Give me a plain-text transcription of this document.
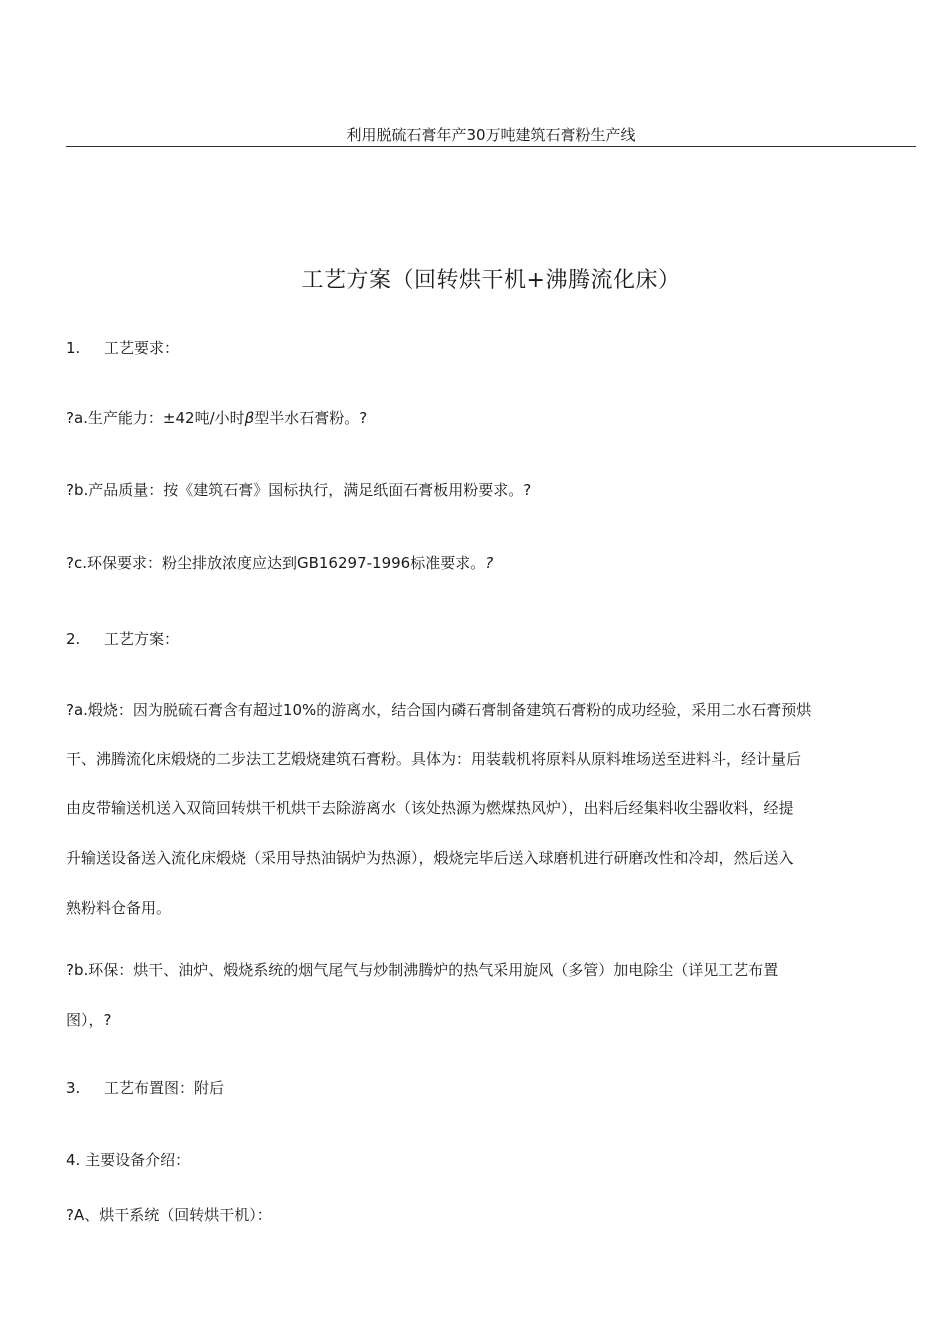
利用脱硫石膏年产30万吨建筑石膏粉生产线
工艺方案（回转烘干机+沸腾流化床）
1. 工艺要求：
?a.生产能力：±42吨/小时β型半水石膏粉。?
?b.产品质量：按《建筑石膏》国标执行，满足纸面石膏板用粉要求。?
?c.环保要求：粉尘排放浓度应达到GB16297-1996标准要求。?
2. 工艺方案：
?a.煅烧：因为脱硫石膏含有超过10%的游离水，结合国内磷石膏制备建筑石膏粉的成功经验，采用二水石膏预烘
干、沸腾流化床煅烧的二步法工艺煅烧建筑石膏粉。具体为：用装载机将原料从原料堆场送至进料斗，经计量后
由皮带输送机送入双筒回转烘干机烘干去除游离水（该处热源为燃煤热风炉），出料后经集料收尘器收料，经提
升输送设备送入流化床煅烧（采用导热油锅炉为热源），煅烧完毕后送入球磨机进行研磨改性和冷却，然后送入
熟粉料仓备用。
?b.环保：烘干、油炉、煅烧系统的烟气尾气与炒制沸腾炉的热气采用旋风（多管）加电除尘（详见工艺布置
图），?
3. 工艺布置图：附后
4. 主要设备介绍：
?A、烘干系统（回转烘干机）：
